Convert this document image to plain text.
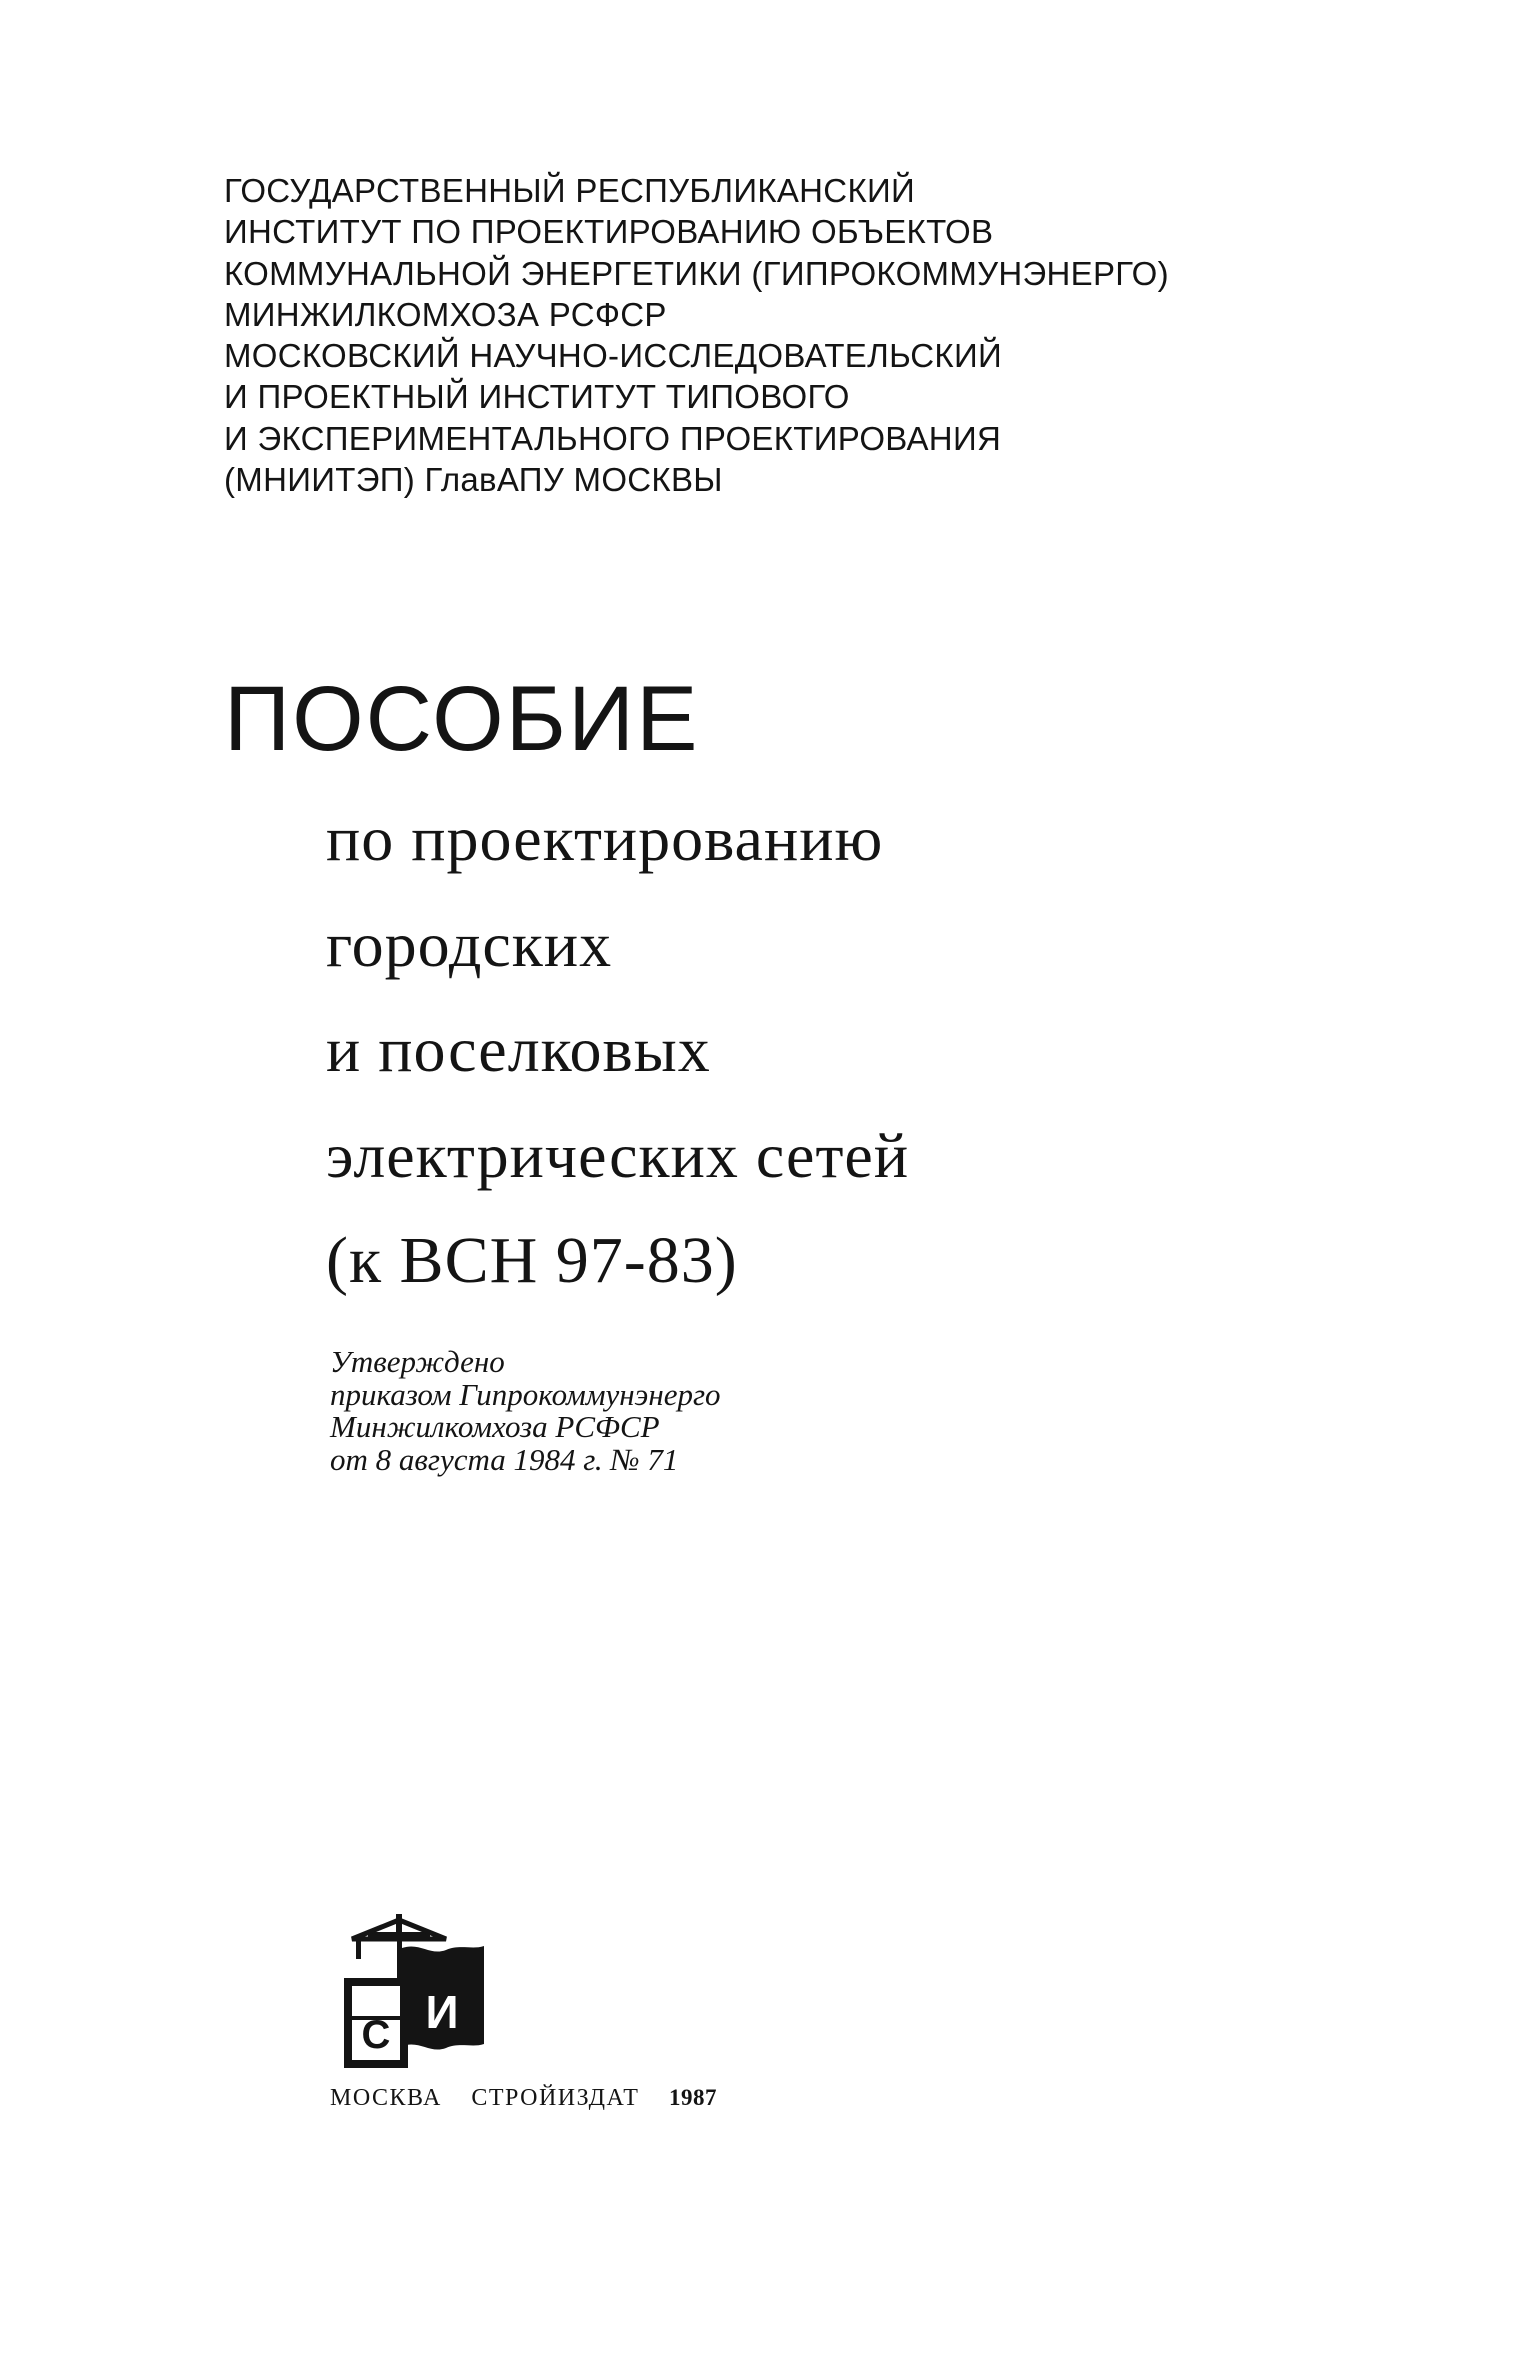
ГОСУДАРСТВЕННЫЙ РЕСПУБЛИКАНСКИЙ
ИНСТИТУТ ПО ПРОЕКТИРОВАНИЮ ОБЪЕКТОВ
КОММУНАЛЬНОЙ ЭНЕРГЕТИКИ (ГИПРОКОММУНЭНЕРГО)
МИНЖИЛКОМХОЗА РСФСР
МОСКОВСКИЙ НАУЧНО-ИССЛЕДОВАТЕЛЬСКИЙ
И ПРОЕКТНЫЙ ИНСТИТУТ ТИПОВОГО
И ЭКСПЕРИМЕНТАЛЬНОГО ПРОЕКТИРОВАНИЯ
(МНИИТЭП) ГлавАПУ МОСКВЫ
ПОСОБИЕ
по проектированию
городских
и поселковых
электрических сетей
(к ВСН 97-83)
Утверждено
приказом Гипрокоммунэнерго
Минжилкомхоза РСФСР
от 8 августа 1984 г. № 71
С И
МОСКВА СТРОЙИЗДАТ 1987
